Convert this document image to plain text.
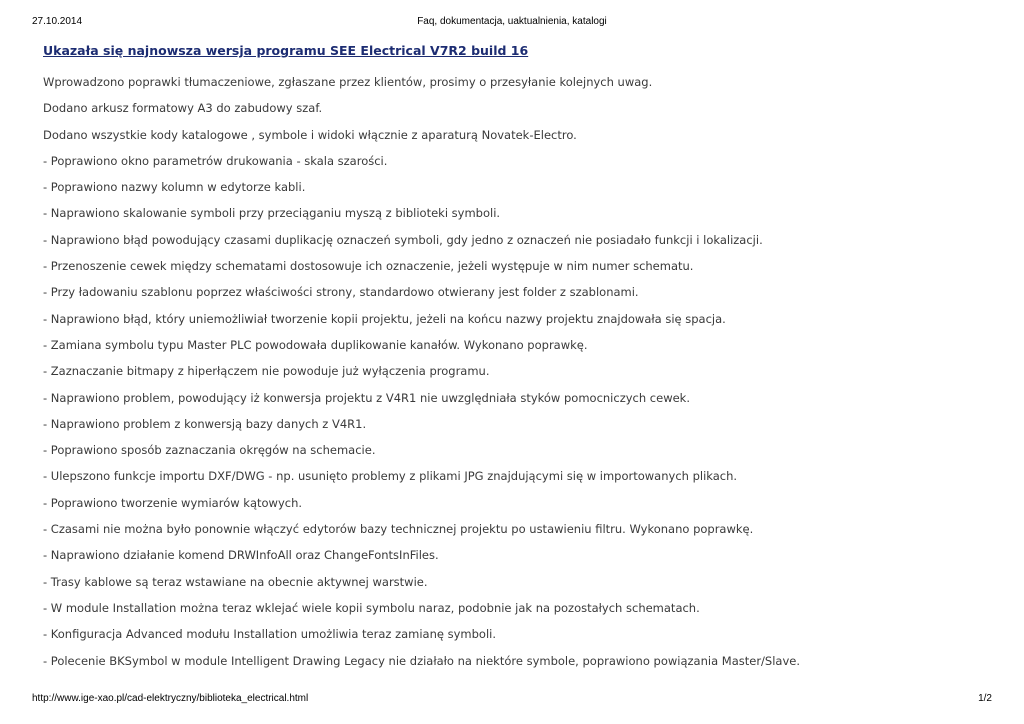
27.10.2014	Faq, dokumentacja, uaktualnienia, katalogi
Ukazała się najnowsza wersja programu SEE Electrical V7R2 build 16
Wprowadzono poprawki tłumaczeniowe, zgłaszane przez klientów, prosimy o przesyłanie kolejnych uwag.
Dodano arkusz formatowy A3 do zabudowy szaf.
Dodano wszystkie kody katalogowe , symbole i widoki włącznie z aparaturą Novatek-Electro.
- Poprawiono okno parametrów drukowania - skala szarości.
- Poprawiono nazwy kolumn w edytorze kabli.
- Naprawiono skalowanie symboli przy przeciąganiu myszą z biblioteki symboli.
- Naprawiono błąd powodujący czasami duplikację oznaczeń symboli, gdy jedno z oznaczeń nie posiadało funkcji i lokalizacji.
- Przenoszenie cewek między schematami dostosowuje ich oznaczenie, jeżeli występuje w nim numer schematu.
- Przy ładowaniu szablonu poprzez właściwości strony, standardowo otwierany jest folder z szablonami.
- Naprawiono błąd, który uniemożliwiał tworzenie kopii projektu, jeżeli na końcu nazwy projektu znajdowała się spacja.
- Zamiana symbolu typu Master PLC powodowała duplikowanie kanałów. Wykonano poprawkę.
- Zaznaczanie bitmapy z hiperłączem nie powoduje już wyłączenia programu.
- Naprawiono problem, powodujący iż konwersja projektu z V4R1 nie uwzględniała styków pomocniczych cewek.
- Naprawiono problem z konwersją bazy danych z V4R1.
- Poprawiono sposób zaznaczania okręgów na schemacie.
- Ulepszono funkcje importu DXF/DWG - np. usunięto problemy z plikami JPG znajdującymi się w importowanych plikach.
- Poprawiono tworzenie wymiarów kątowych.
- Czasami nie można było ponownie włączyć edytorów bazy technicznej projektu po ustawieniu filtru. Wykonano poprawkę.
- Naprawiono działanie komend DRWInfoAll oraz ChangeFontsInFiles.
- Trasy kablowe są teraz wstawiane na obecnie aktywnej warstwie.
- W module Installation można teraz wklejać wiele kopii symbolu naraz, podobnie jak na pozostałych schematach.
- Konfiguracja Advanced modułu Installation umożliwia teraz zamianę symboli.
- Polecenie BKSymbol w module Intelligent Drawing Legacy nie działało na niektóre symbole, poprawiono powiązania Master/Slave.
http://www.ige-xao.pl/cad-elektryczny/biblioteka_electrical.html	1/2
